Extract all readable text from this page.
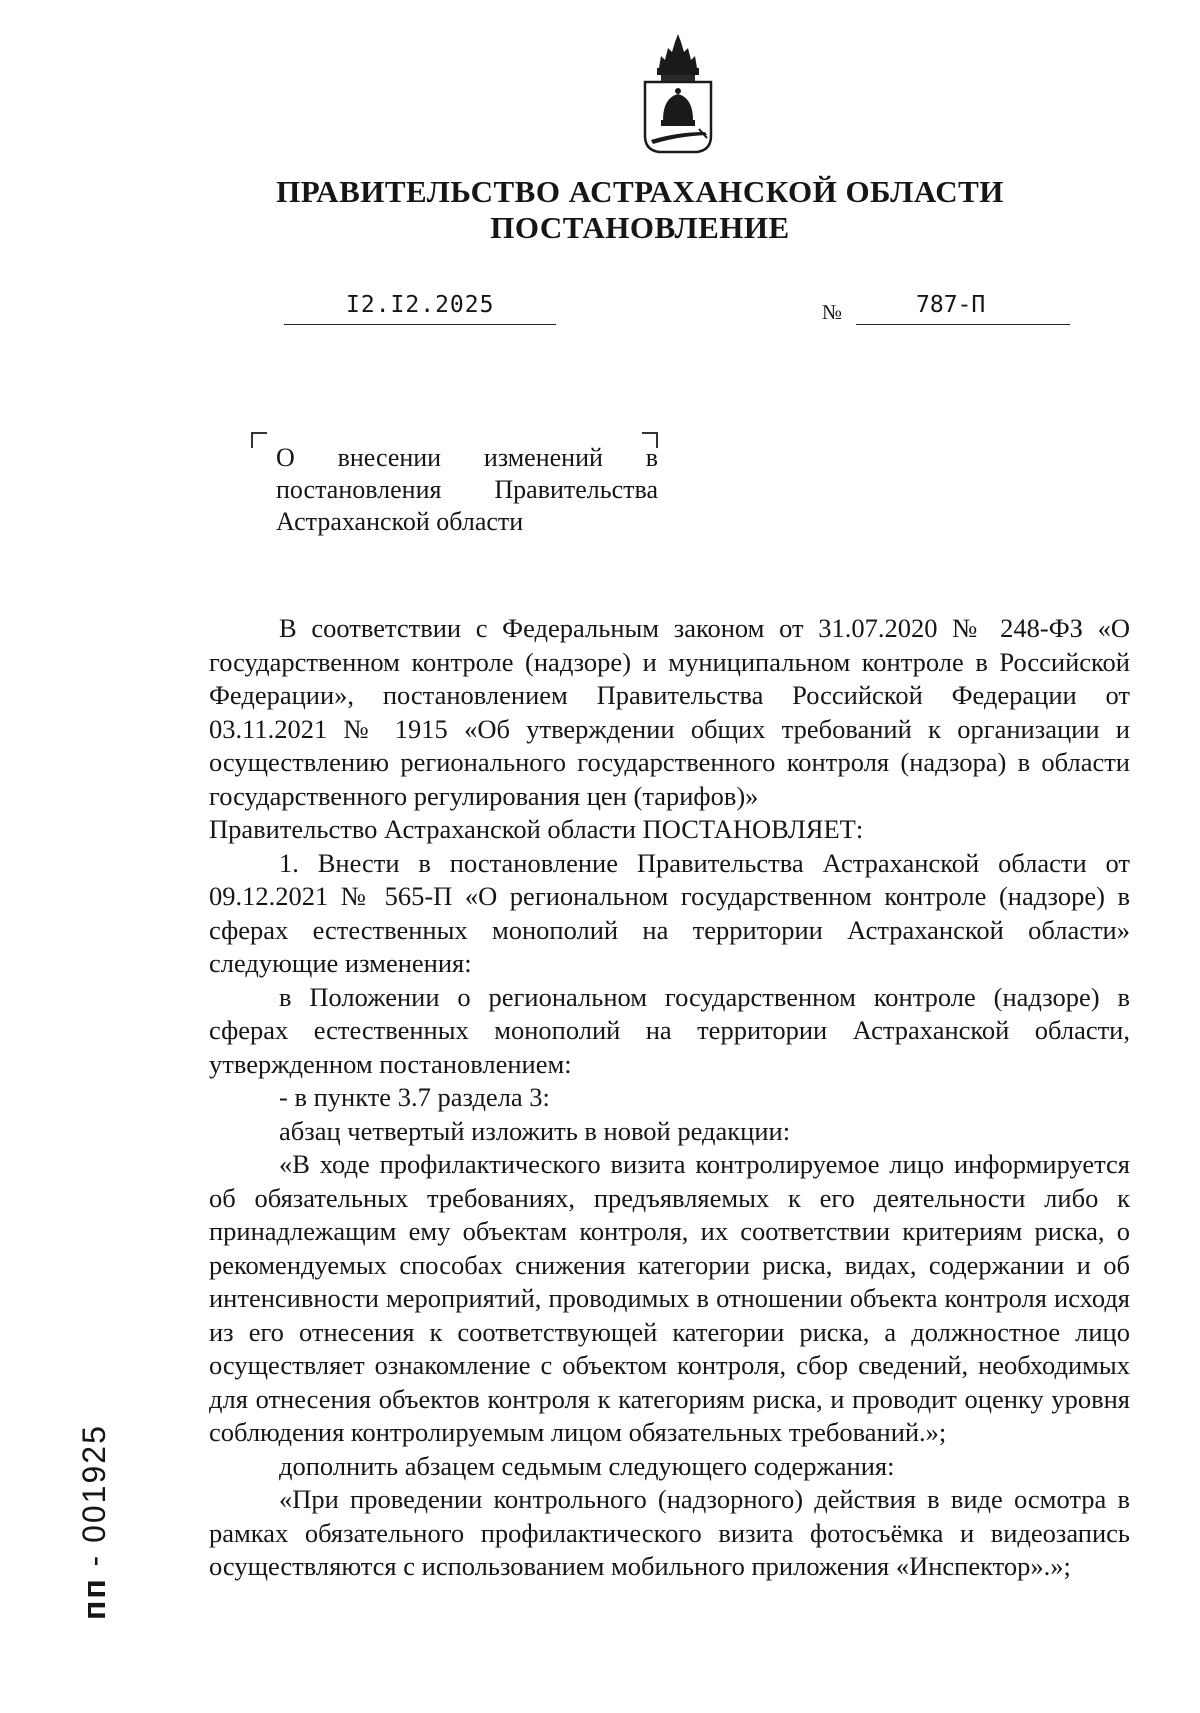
ПРАВИТЕЛЬСТВО АСТРАХАНСКОЙ ОБЛАСТИ
ПОСТАНОВЛЕНИЕ
I2.I2.2025	№	787-П
О внесении изменений в постановления Правительства Астраханской области

В соответствии с Федеральным законом от 31.07.2020 № 248-ФЗ «О государственном контроле (надзоре) и муниципальном контроле в Российской Федерации», постановлением Правительства Российской Федерации от 03.11.2021 № 1915 «Об утверждении общих требований к организации и осуществлению регионального государственного контроля (надзора) в области государственного регулирования цен (тарифов)»

Правительство Астраханской области ПОСТАНОВЛЯЕТ:

1. Внести в постановление Правительства Астраханской области от 09.12.2021 № 565-П «О региональном государственном контроле (надзоре) в сферах естественных монополий на территории Астраханской области» следующие изменения:

в Положении о региональном государственном контроле (надзоре) в сферах естественных монополий на территории Астраханской области, утвержденном постановлением:

- в пункте 3.7 раздела 3:

абзац четвертый изложить в новой редакции:

«В ходе профилактического визита контролируемое лицо информируется об обязательных требованиях, предъявляемых к его деятельности либо к принадлежащим ему объектам контроля, их соответствии критериям риска, о рекомендуемых способах снижения категории риска, видах, содержании и об интенсивности мероприятий, проводимых в отношении объекта контроля исходя из его отнесения к соответствующей категории риска, а должностное лицо осуществляет ознакомление с объектом контроля, сбор сведений, необходимых для отнесения объектов контроля к категориям риска, и проводит оценку уровня соблюдения контролируемым лицом обязательных требований.»;

дополнить абзацем седьмым следующего содержания:

«При проведении контрольного (надзорного) действия в виде осмотра в рамках обязательного профилактического визита фотосъёмка и видеозапись осуществляются с использованием мобильного приложения «Инспектор».»;

пп - 001925
